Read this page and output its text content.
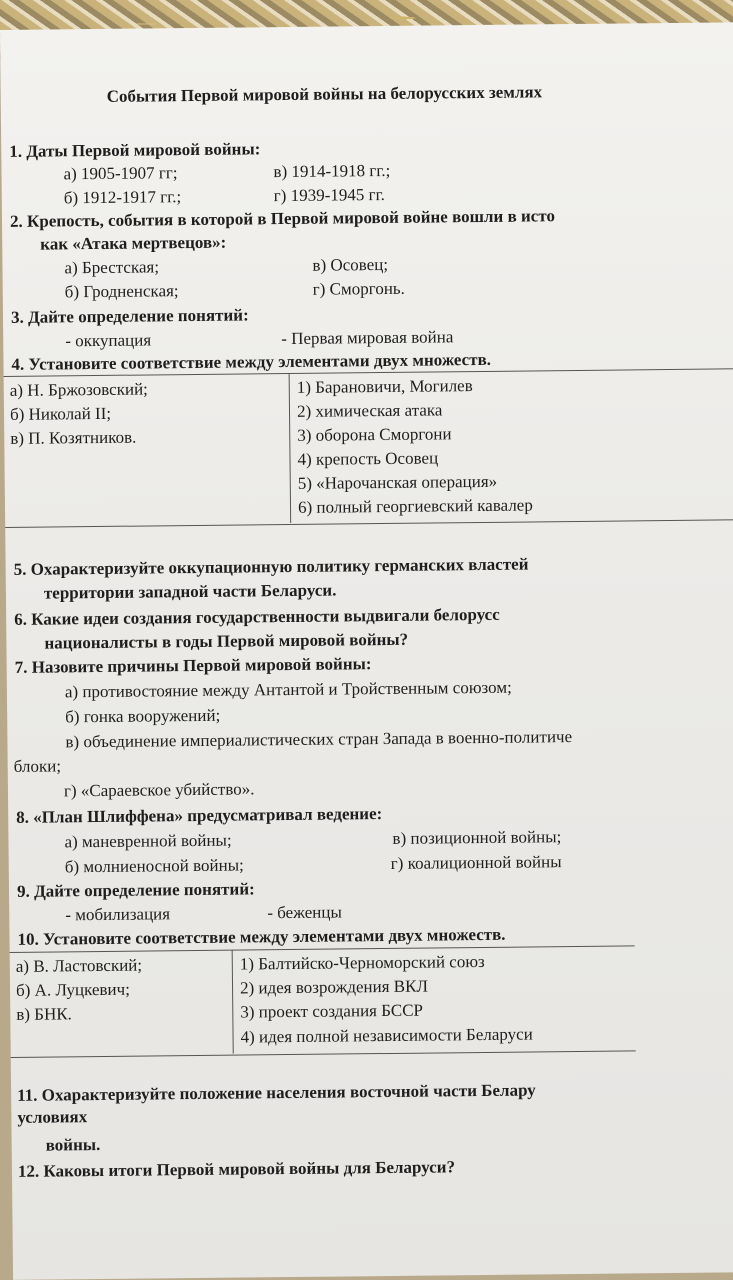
События Первой мировой войны на белорусских землях
1. Даты Первой мировой войны:
а) 1905-1907 гг;	в) 1914-1918 гг.;
б) 1912-1917 гг.;	г) 1939-1945 гг.
2. Крепость, события в которой в Первой мировой войне вошли в исто
как «Атака мертвецов»:
а) Брестская;	в) Осовец;
б) Гродненская;	г) Сморгонь.
3. Дайте определение понятий:
- оккупация	- Первая мировая война
4. Установите соответствие между элементами двух множеств.
а) Н. Бржозовский;
б) Николай II;
в) П. Козятников.
1) Барановичи, Могилев
2) химическая атака
3) оборона Сморгони
4) крепость Осовец
5) «Нарочанская операция»
6) полный георгиевский кавалер
5. Охарактеризуйте оккупационную политику германских властей
территории западной части Беларуси.
6. Какие идеи создания государственности выдвигали белорусс
националисты в годы Первой мировой войны?
7. Назовите причины Первой мировой войны:
а) противостояние между Антантой и Тройственным союзом;
б) гонка вооружений;
в) объединение империалистических стран Запада в военно-политиче
блоки;
г) «Сараевское убийство».
8. «План Шлиффена» предусматривал ведение:
а) маневренной войны;	в) позиционной войны;
б) молниеносной войны;	г) коалиционной войны
9. Дайте определение понятий:
- мобилизация	- беженцы
10. Установите соответствие между элементами двух множеств.
а) В. Ластовский;
б) А. Луцкевич;
в) БНК.
1) Балтийско-Черноморский союз
2) идея возрождения ВКЛ
3) проект создания БССР
4) идея полной независимости Беларуси
11. Охарактеризуйте положение населения восточной части Белару
условиях
войны.
12. Каковы итоги Первой мировой войны для Беларуси?
